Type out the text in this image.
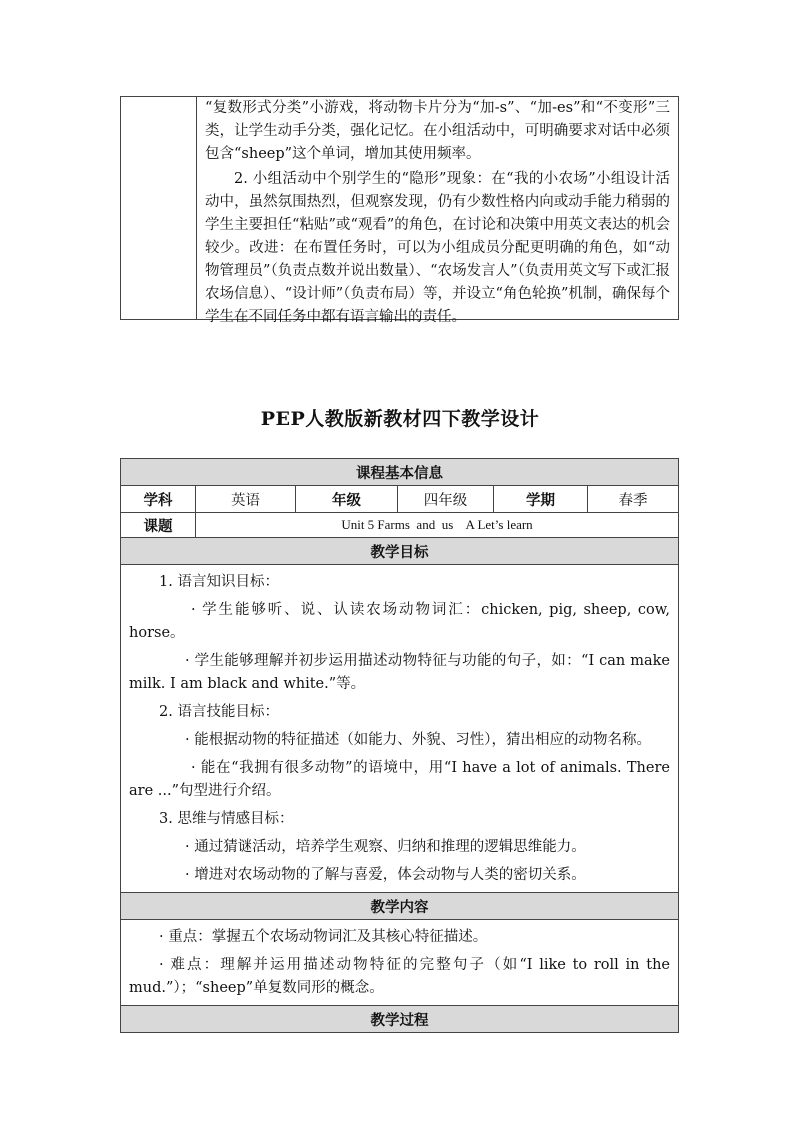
“复数形式分类”小游戏，将动物卡片分为“加-s”、“加-es”和“不变形”三类，让学生动手分类，强化记忆。在小组活动中，可明确要求对话中必须包含“sheep”这个单词，增加其使用频率。

2. 小组活动中个别学生的“隐形”现象：在“我的小农场”小组设计活动中，虽然氛围热烈，但观察发现，仍有少数性格内向或动手能力稍弱的学生主要担任“粘贴”或“观看”的角色，在讨论和决策中用英文表达的机会较少。改进：在布置任务时，可以为小组成员分配更明确的角色，如“动物管理员”（负责点数并说出数量）、“农场发言人”（负责用英文写下或汇报农场信息）、“设计师”（负责布局）等，并设立“角色轮换”机制，确保每个学生在不同任务中都有语言输出的责任。

PEP人教版新教材四下教学设计
课程基本信息
学科	英语	年级	四年级	学期	春季
课题	Unit 5 Farms  and  us    A Let’s learn
教学目标

1. 语言知识目标：

· 学生能够听、说、认读农场动物词汇：chicken, pig, sheep, cow, horse。

· 学生能够理解并初步运用描述动物特征与功能的句子，如：“I can make milk. I am black and white.”等。

2. 语言技能目标：

· 能根据动物的特征描述（如能力、外貌、习性），猜出相应的动物名称。

· 能在“我拥有很多动物”的语境中，用“I have a lot of animals. There are ...”句型进行介绍。

3. 思维与情感目标：

· 通过猜谜活动，培养学生观察、归纳和推理的逻辑思维能力。

· 增进对农场动物的了解与喜爱，体会动物与人类的密切关系。

教学内容

· 重点：掌握五个农场动物词汇及其核心特征描述。

· 难点：理解并运用描述动物特征的完整句子（如“I like to roll in the mud.”）；“sheep”单复数同形的概念。

教学过程
